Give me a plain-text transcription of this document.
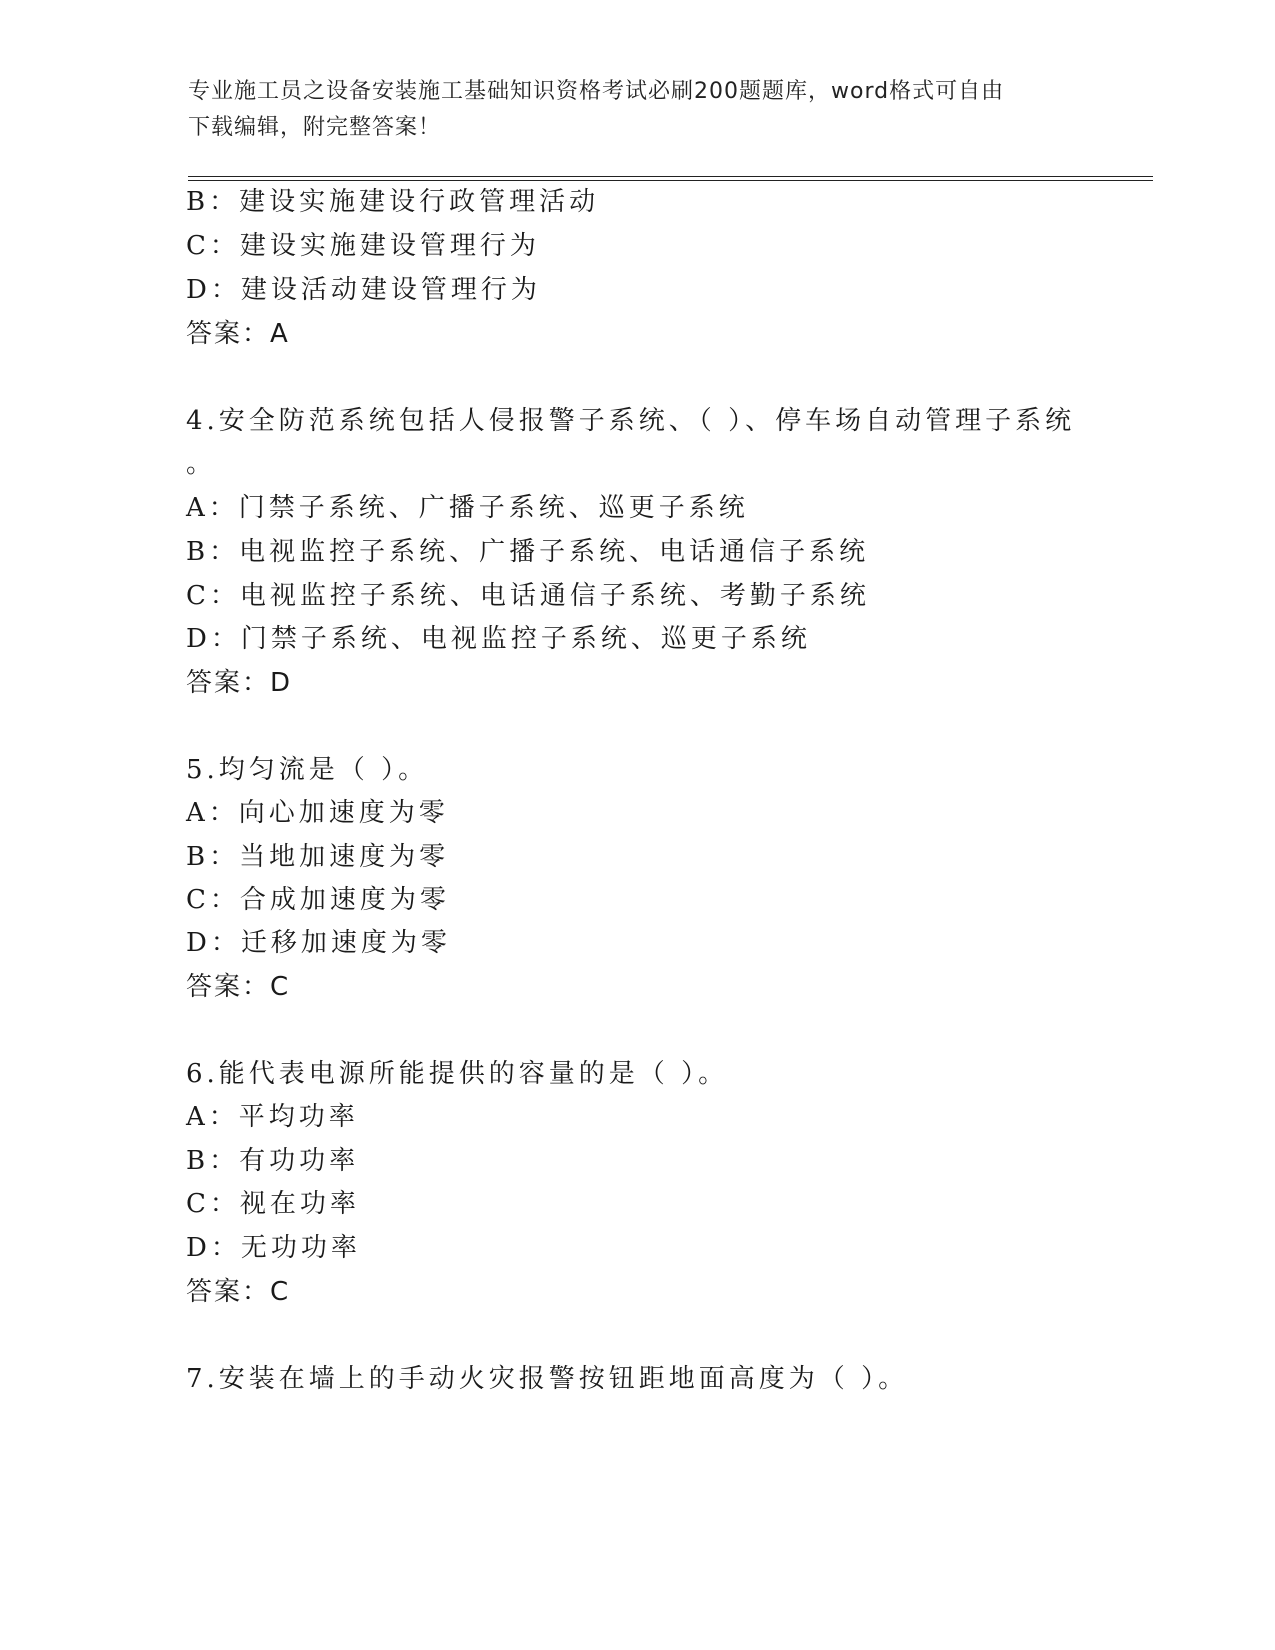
专业施工员之设备安装施工基础知识资格考试必刷200题题库，word格式可自由
下载编辑，附完整答案！
B：建设实施建设行政管理活动
C：建设实施建设管理行为
D：建设活动建设管理行为
答案：A
4.安全防范系统包括人侵报警子系统、（ ）、停车场自动管理子系统
。
A：门禁子系统、广播子系统、巡更子系统
B：电视监控子系统、广播子系统、电话通信子系统
C：电视监控子系统、电话通信子系统、考勤子系统
D：门禁子系统、电视监控子系统、巡更子系统
答案：D
5.均匀流是（ ）。
A：向心加速度为零
B：当地加速度为零
C：合成加速度为零
D：迁移加速度为零
答案：C
6.能代表电源所能提供的容量的是（ ）。
A：平均功率
B：有功功率
C：视在功率
D：无功功率
答案：C
7.安装在墙上的手动火灾报警按钮距地面高度为（ ）。
